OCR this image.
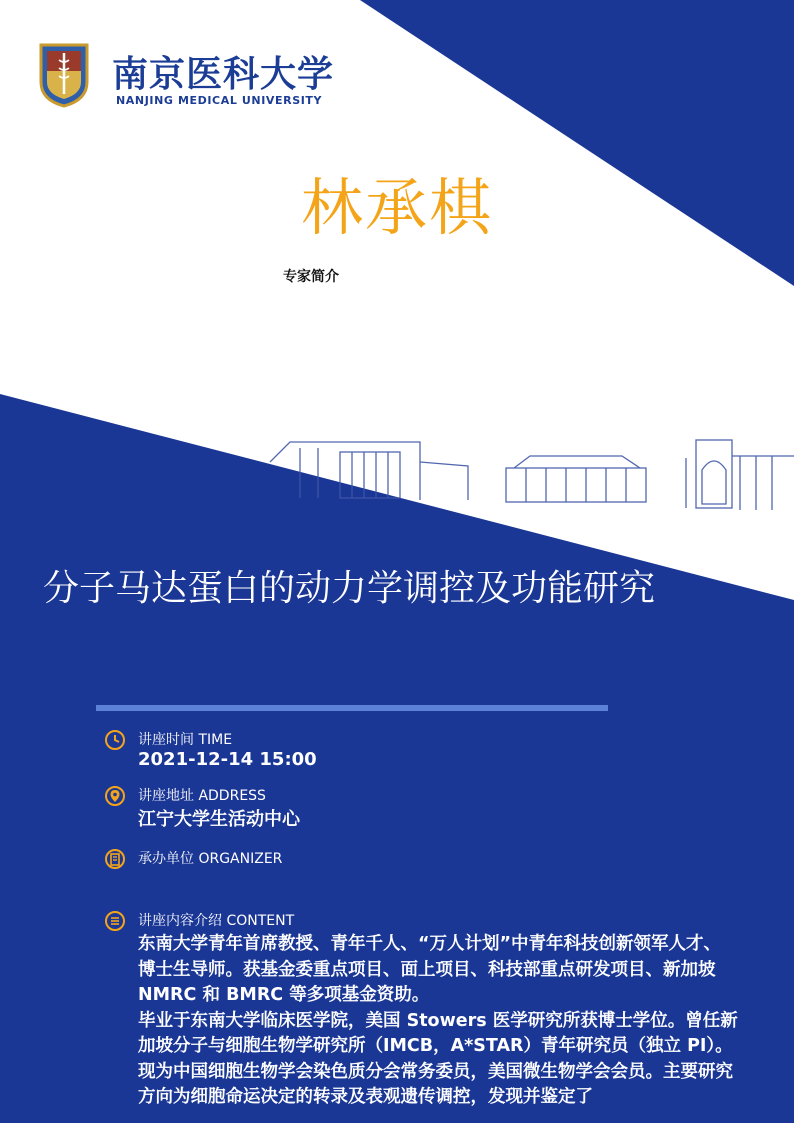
南京医科大学
NANJING MEDICAL UNIVERSITY
林承棋
专家简介
分子马达蛋白的动力学调控及功能研究
讲座时间 TIME
2021-12-14 15:00
讲座地址 ADDRESS
江宁大学生活动中心
承办单位 ORGANIZER
讲座内容介绍 CONTENT

东南大学青年首席教授、青年千人、“万人计划”中青年科技创新领军人才、博士生导师。获基金委重点项目、面上项目、科技部重点研发项目、新加坡 NMRC 和 BMRC 等多项基金资助。

毕业于东南大学临床医学院，美国 Stowers 医学研究所获博士学位。曾任新加坡分子与细胞生物学研究所（IMCB，A*STAR）青年研究员（独立 PI）。现为中国细胞生物学会染色质分会常务委员，美国微生物学会会员。主要研究方向为细胞命运决定的转录及表观遗传调控，发现并鉴定了
